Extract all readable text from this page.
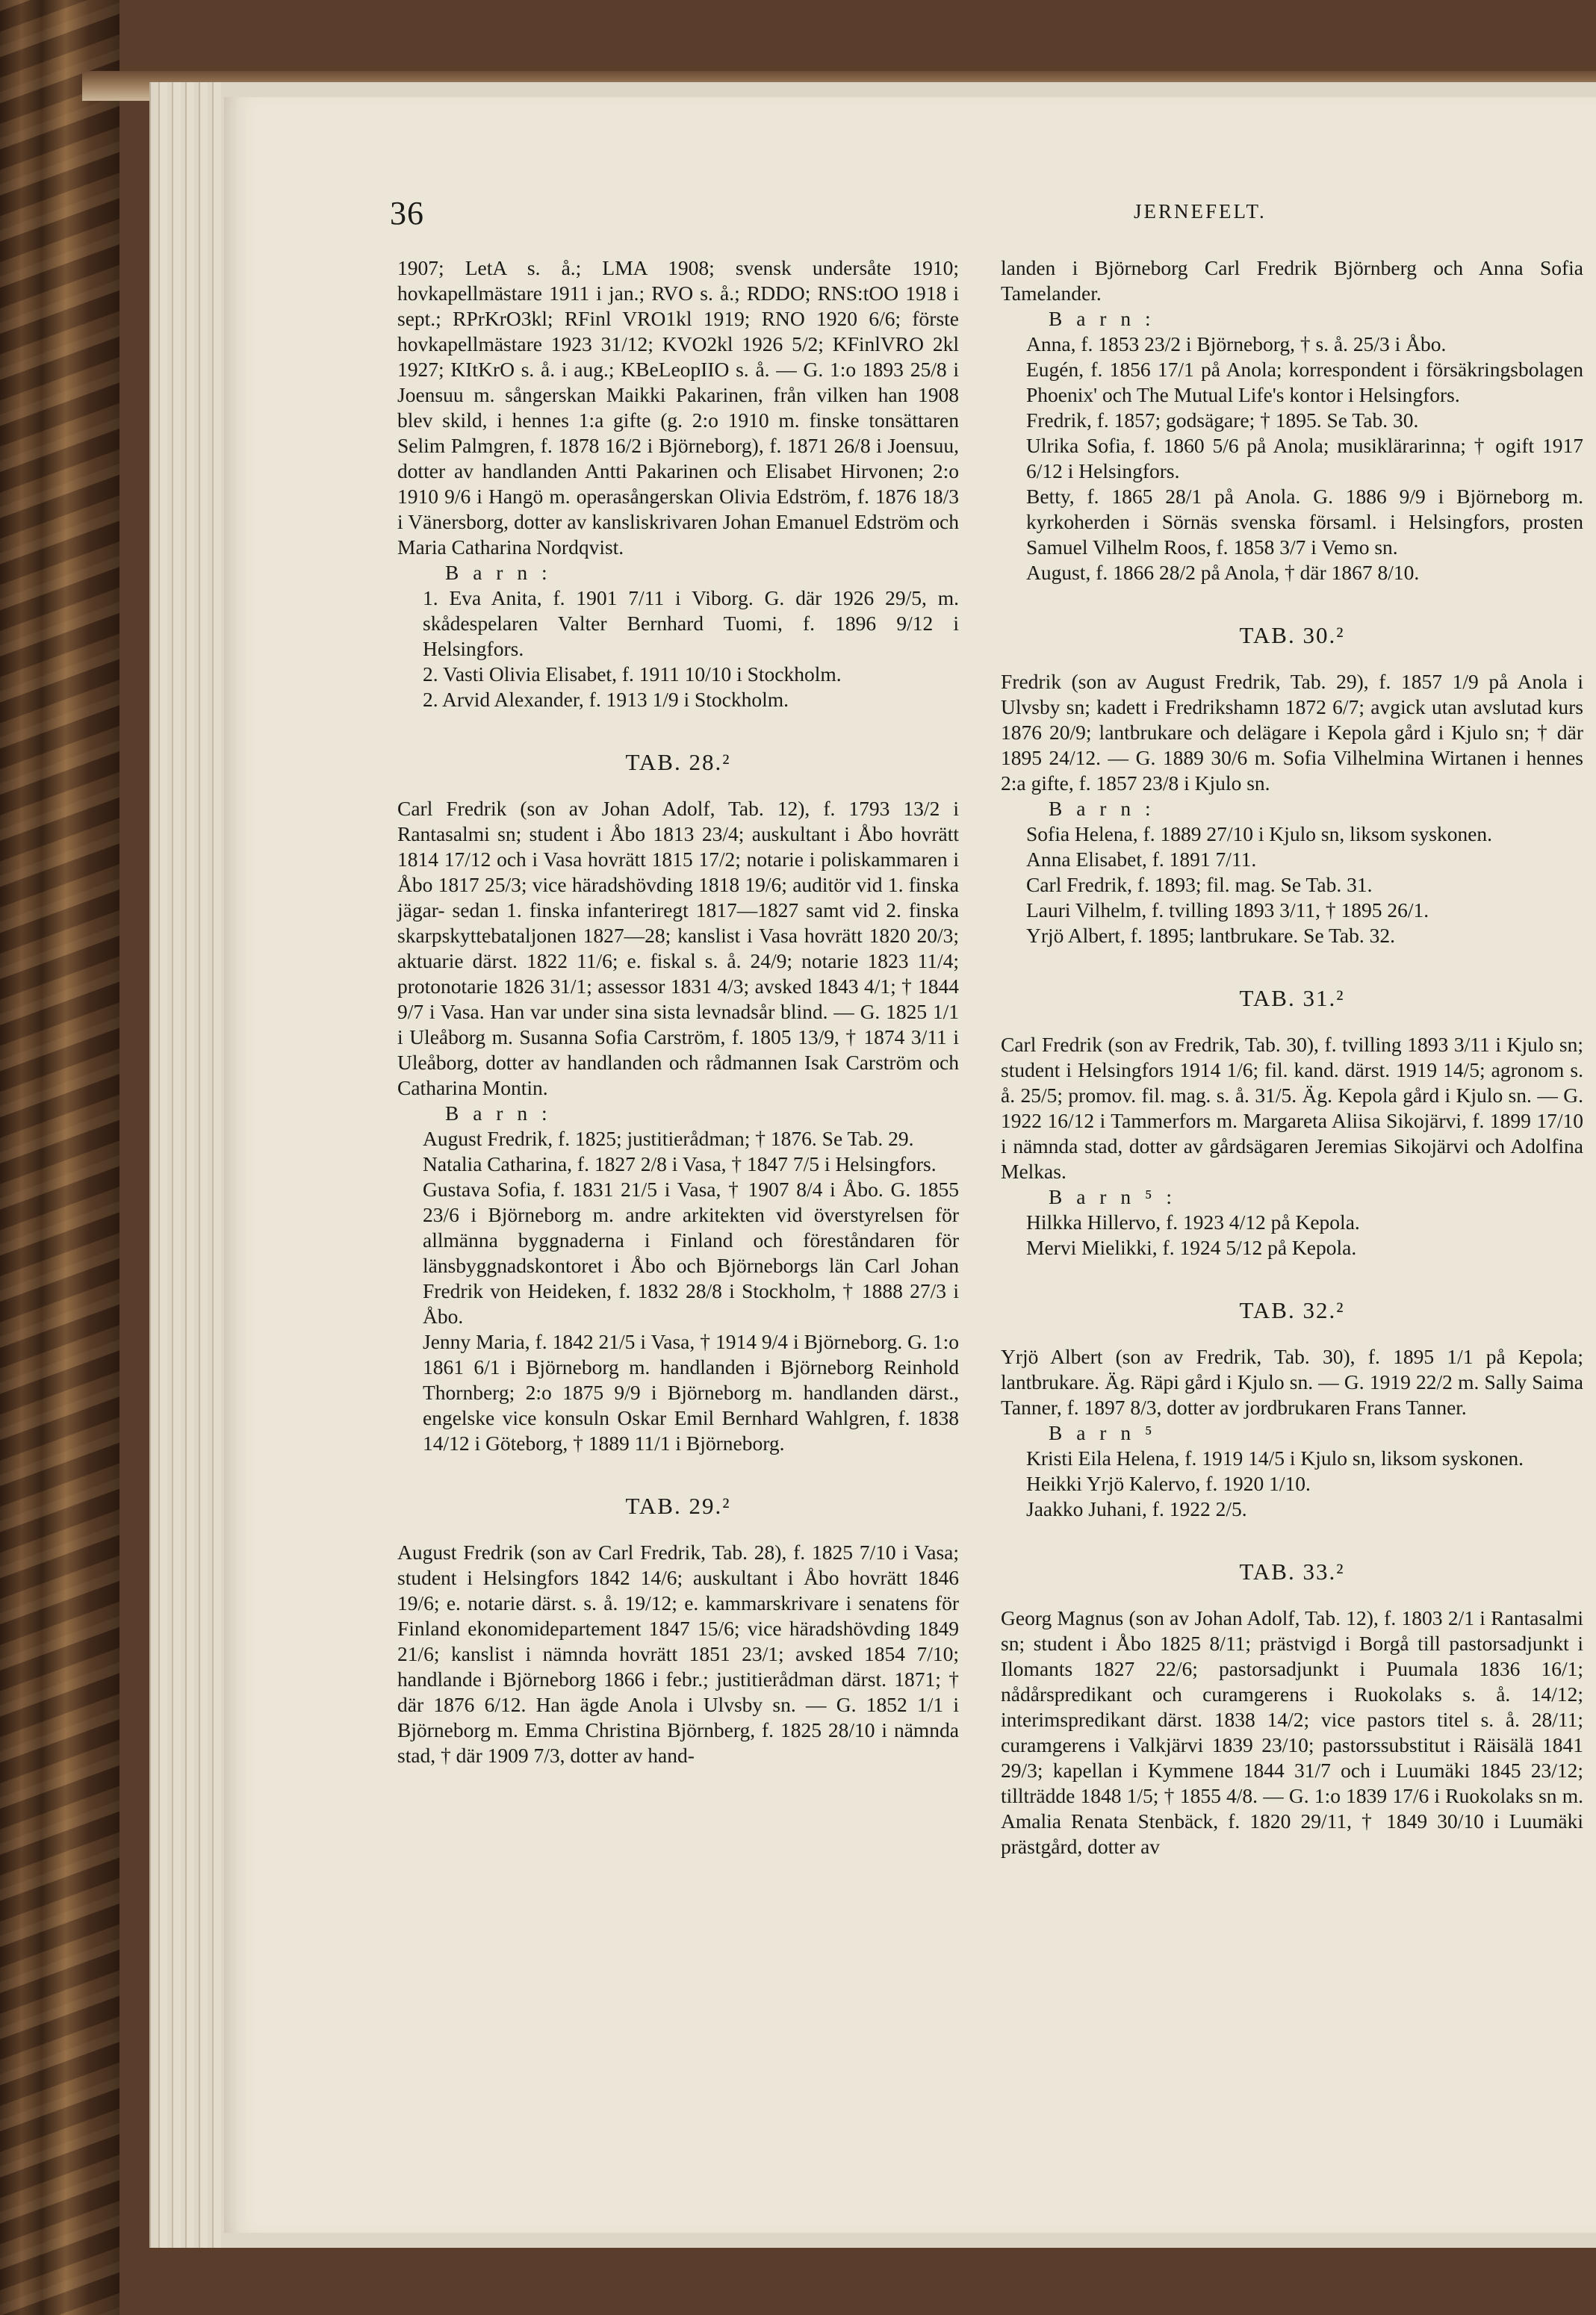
36	JERNEFELT.

1907; LetA s. å.; LMA 1908; svensk undersåte 1910; hovkapellmästare 1911 i jan.; RVO s. å.; RDDO; RNS:tOO 1918 i sept.; RPrKrO3kl; RFinl VRO1kl 1919; RNO 1920 6/6; förste hovkapellmästare 1923 31/12; KVO2kl 1926 5/2; KFinlVRO 2kl 1927; KItKrO s. å. i aug.; KBeLeopIIO s. å. — G. 1:o 1893 25/8 i Joensuu m. sångerskan Maikki Pakarinen, från vilken han 1908 blev skild, i hennes 1:a gifte (g. 2:o 1910 m. finske tonsättaren Selim Palmgren, f. 1878 16/2 i Björneborg), f. 1871 26/8 i Joensuu, dotter av handlanden Antti Pakarinen och Elisabet Hirvonen; 2:o 1910 9/6 i Hangö m. operasångerskan Olivia Edström, f. 1876 18/3 i Vänersborg, dotter av kansliskrivaren Johan Emanuel Edström och Maria Catharina Nordqvist.

B a r n :

1. Eva Anita, f. 1901 7/11 i Viborg. G. där 1926 29/5, m. skådespelaren Valter Bernhard Tuomi, f. 1896 9/12 i Helsingfors.

2. Vasti Olivia Elisabet, f. 1911 10/10 i Stockholm.

2. Arvid Alexander, f. 1913 1/9 i Stockholm.

TAB. 28.²

Carl Fredrik (son av Johan Adolf, Tab. 12), f. 1793 13/2 i Rantasalmi sn; student i Åbo 1813 23/4; auskultant i Åbo hovrätt 1814 17/12 och i Vasa hovrätt 1815 17/2; notarie i poliskammaren i Åbo 1817 25/3; vice häradshövding 1818 19/6; auditör vid 1. finska jägar- sedan 1. finska infanteriregt 1817—1827 samt vid 2. finska skarpskyttebataljonen 1827—28; kanslist i Vasa hovrätt 1820 20/3; aktuarie därst. 1822 11/6; e. fiskal s. å. 24/9; notarie 1823 11/4; protonotarie 1826 31/1; assessor 1831 4/3; avsked 1843 4/1; † 1844 9/7 i Vasa. Han var under sina sista levnadsår blind. — G. 1825 1/1 i Uleåborg m. Susanna Sofia Carström, f. 1805 13/9, † 1874 3/11 i Uleåborg, dotter av handlanden och rådmannen Isak Carström och Catharina Montin.

B a r n :

August Fredrik, f. 1825; justitierådman; † 1876. Se Tab. 29.

Natalia Catharina, f. 1827 2/8 i Vasa, † 1847 7/5 i Helsingfors.

Gustava Sofia, f. 1831 21/5 i Vasa, † 1907 8/4 i Åbo. G. 1855 23/6 i Björneborg m. andre arkitekten vid överstyrelsen för allmänna byggnaderna i Finland och föreståndaren för länsbyggnadskontoret i Åbo och Björneborgs län Carl Johan Fredrik von Heideken, f. 1832 28/8 i Stockholm, † 1888 27/3 i Åbo.

Jenny Maria, f. 1842 21/5 i Vasa, † 1914 9/4 i Björneborg. G. 1:o 1861 6/1 i Björneborg m. handlanden i Björneborg Reinhold Thornberg; 2:o 1875 9/9 i Björneborg m. handlanden därst., engelske vice konsuln Oskar Emil Bernhard Wahlgren, f. 1838 14/12 i Göteborg, † 1889 11/1 i Björneborg.

TAB. 29.²

August Fredrik (son av Carl Fredrik, Tab. 28), f. 1825 7/10 i Vasa; student i Helsingfors 1842 14/6; auskultant i Åbo hovrätt 1846 19/6; e. notarie därst. s. å. 19/12; e. kammarskrivare i senatens för Finland ekonomidepartement 1847 15/6; vice häradshövding 1849 21/6; kanslist i nämnda hovrätt 1851 23/1; avsked 1854 7/10; handlande i Björneborg 1866 i febr.; justitierådman därst. 1871; † där 1876 6/12. Han ägde Anola i Ulvsby sn. — G. 1852 1/1 i Björneborg m. Emma Christina Björnberg, f. 1825 28/10 i nämnda stad, † där 1909 7/3, dotter av hand-

landen i Björneborg Carl Fredrik Björnberg och Anna Sofia Tamelander.

B a r n :

Anna, f. 1853 23/2 i Björneborg, † s. å. 25/3 i Åbo.

Eugén, f. 1856 17/1 på Anola; korrespondent i försäkringsbolagen Phoenix' och The Mutual Life's kontor i Helsingfors.

Fredrik, f. 1857; godsägare; † 1895. Se Tab. 30.

Ulrika Sofia, f. 1860 5/6 på Anola; musiklärarinna; † ogift 1917 6/12 i Helsingfors.

Betty, f. 1865 28/1 på Anola. G. 1886 9/9 i Björneborg m. kyrkoherden i Sörnäs svenska församl. i Helsingfors, prosten Samuel Vilhelm Roos, f. 1858 3/7 i Vemo sn.

August, f. 1866 28/2 på Anola, † där 1867 8/10.

TAB. 30.²

Fredrik (son av August Fredrik, Tab. 29), f. 1857 1/9 på Anola i Ulvsby sn; kadett i Fredrikshamn 1872 6/7; avgick utan avslutad kurs 1876 20/9; lantbrukare och delägare i Kepola gård i Kjulo sn; † där 1895 24/12. — G. 1889 30/6 m. Sofia Vilhelmina Wirtanen i hennes 2:a gifte, f. 1857 23/8 i Kjulo sn.

B a r n :

Sofia Helena, f. 1889 27/10 i Kjulo sn, liksom syskonen.

Anna Elisabet, f. 1891 7/11.

Carl Fredrik, f. 1893; fil. mag. Se Tab. 31.

Lauri Vilhelm, f. tvilling 1893 3/11, † 1895 26/1.

Yrjö Albert, f. 1895; lantbrukare. Se Tab. 32.

TAB. 31.²

Carl Fredrik (son av Fredrik, Tab. 30), f. tvilling 1893 3/11 i Kjulo sn; student i Helsingfors 1914 1/6; fil. kand. därst. 1919 14/5; agronom s. å. 25/5; promov. fil. mag. s. å. 31/5. Äg. Kepola gård i Kjulo sn. — G. 1922 16/12 i Tammerfors m. Margareta Aliisa Sikojärvi, f. 1899 17/10 i nämnda stad, dotter av gårdsägaren Jeremias Sikojärvi och Adolfina Melkas.

B a r n ⁵ :

Hilkka Hillervo, f. 1923 4/12 på Kepola.

Mervi Mielikki, f. 1924 5/12 på Kepola.

TAB. 32.²

Yrjö Albert (son av Fredrik, Tab. 30), f. 1895 1/1 på Kepola; lantbrukare. Äg. Räpi gård i Kjulo sn. — G. 1919 22/2 m. Sally Saima Tanner, f. 1897 8/3, dotter av jordbrukaren Frans Tanner.

B a r n ⁵

Kristi Eila Helena, f. 1919 14/5 i Kjulo sn, liksom syskonen.

Heikki Yrjö Kalervo, f. 1920 1/10.

Jaakko Juhani, f. 1922 2/5.

TAB. 33.²

Georg Magnus (son av Johan Adolf, Tab. 12), f. 1803 2/1 i Rantasalmi sn; student i Åbo 1825 8/11; prästvigd i Borgå till pastorsadjunkt i Ilomants 1827 22/6; pastorsadjunkt i Puumala 1836 16/1; nådårspredikant och curamgerens i Ruokolaks s. å. 14/12; interimspredikant därst. 1838 14/2; vice pastors titel s. å. 28/11; curamgerens i Valkjärvi 1839 23/10; pastorssubstitut i Räisälä 1841 29/3; kapellan i Kymmene 1844 31/7 och i Luumäki 1845 23/12; tillträdde 1848 1/5; † 1855 4/8. — G. 1:o 1839 17/6 i Ruokolaks sn m. Amalia Renata Stenbäck, f. 1820 29/11, † 1849 30/10 i Luumäki prästgård, dotter av
